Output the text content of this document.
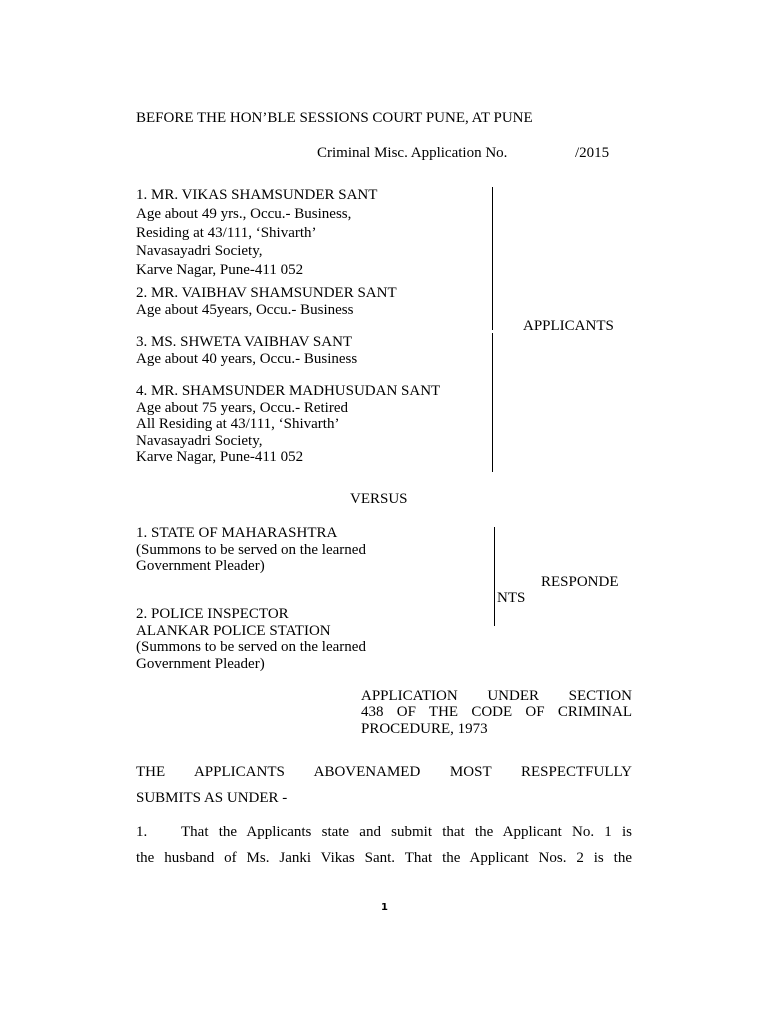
BEFORE THE HON’BLE SESSIONS COURT PUNE, AT PUNE
Criminal Misc. Application No.	/2015
1. MR. VIKAS SHAMSUNDER SANT
Age about 49 yrs., Occu.- Business,
Residing at 43/111, ‘Shivarth’
Navasayadri Society,
Karve Nagar, Pune-411 052
2. MR. VAIBHAV SHAMSUNDER SANT
Age about 45years, Occu.- Business
3. MS. SHWETA VAIBHAV SANT
Age about 40 years, Occu.- Business
4. MR. SHAMSUNDER MADHUSUDAN SANT
Age about 75 years, Occu.- Retired
All Residing at 43/111, ‘Shivarth’
Navasayadri Society,
Karve Nagar, Pune-411 052
APPLICANTS
VERSUS
1. STATE OF MAHARASHTRA
(Summons to be served on the learned
Government Pleader)
2. POLICE INSPECTOR
ALANKAR POLICE STATION
(Summons to be served on the learned
Government Pleader)
RESPONDE
NTS
APPLICATION UNDER SECTION
438 OF THE CODE OF CRIMINAL
PROCEDURE, 1973
THE APPLICANTS ABOVENAMED MOST RESPECTFULLY
SUBMITS AS UNDER -
1. That the Applicants state and submit that the Applicant No. 1 is
the husband of Ms. Janki Vikas Sant. That the Applicant Nos. 2 is the
1
